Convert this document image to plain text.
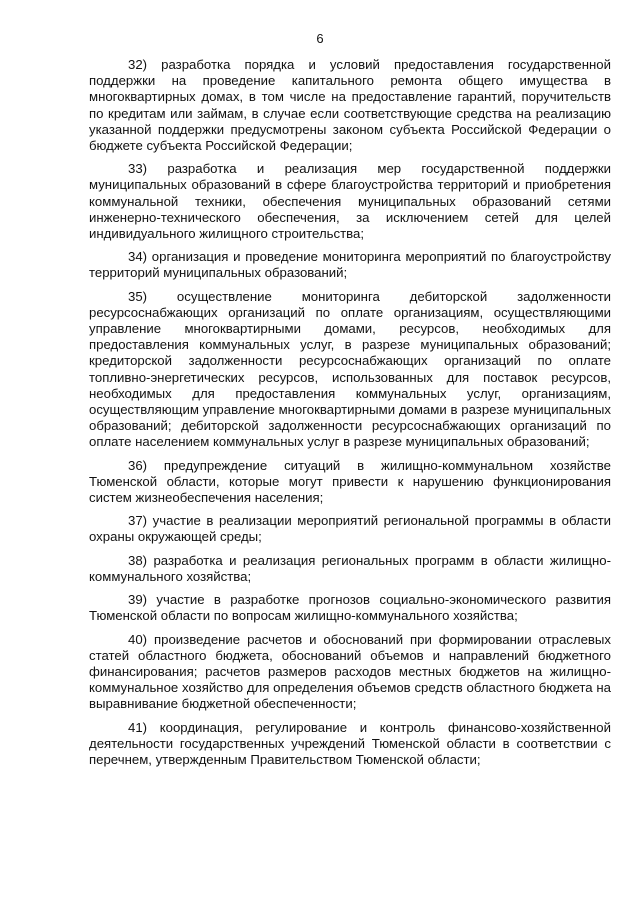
6

32) разработка порядка и условий предоставления государственной поддержки на проведение капитального ремонта общего имущества в многоквартирных домах, в том числе на предоставление гарантий, поручительств по кредитам или займам, в случае если соответствующие средства на реализацию указанной поддержки предусмотрены законом субъекта Российской Федерации о бюджете субъекта Российской Федерации;

33) разработка и реализация мер государственной поддержки муниципальных образований в сфере благоустройства территорий и приобретения коммунальной техники, обеспечения муниципальных образований сетями инженерно-технического обеспечения, за исключением сетей для целей индивидуального жилищного строительства;

34) организация и проведение мониторинга мероприятий по благоустройству территорий муниципальных образований;

35) осуществление мониторинга дебиторской задолженности ресурсоснабжающих организаций по оплате организациям, осуществляющими управление многоквартирными домами, ресурсов, необходимых для предоставления коммунальных услуг, в разрезе муниципальных образований; кредиторской задолженности ресурсоснабжающих организаций по оплате топливно-энергетических ресурсов, использованных для поставок ресурсов, необходимых для предоставления коммунальных услуг, организациям, осуществляющим управление многоквартирными домами в разрезе муниципальных образований; дебиторской задолженности ресурсоснабжающих организаций по оплате населением коммунальных услуг в разрезе муниципальных образований;

36) предупреждение ситуаций в жилищно-коммунальном хозяйстве Тюменской области, которые могут привести к нарушению функционирования систем жизнеобеспечения населения;

37) участие в реализации мероприятий региональной программы в области охраны окружающей среды;

38) разработка и реализация региональных программ в области жилищно-коммунального хозяйства;

39) участие в разработке прогнозов социально-экономического развития Тюменской области по вопросам жилищно-коммунального хозяйства;

40) произведение расчетов и обоснований при формировании отраслевых статей областного бюджета, обоснований объемов и направлений бюджетного финансирования; расчетов размеров расходов местных бюджетов на жилищно-коммунальное хозяйство для определения объемов средств областного бюджета на выравнивание бюджетной обеспеченности;

41) координация, регулирование и контроль финансово-хозяйственной деятельности государственных учреждений Тюменской области в соответствии с перечнем, утвержденным Правительством Тюменской области;
